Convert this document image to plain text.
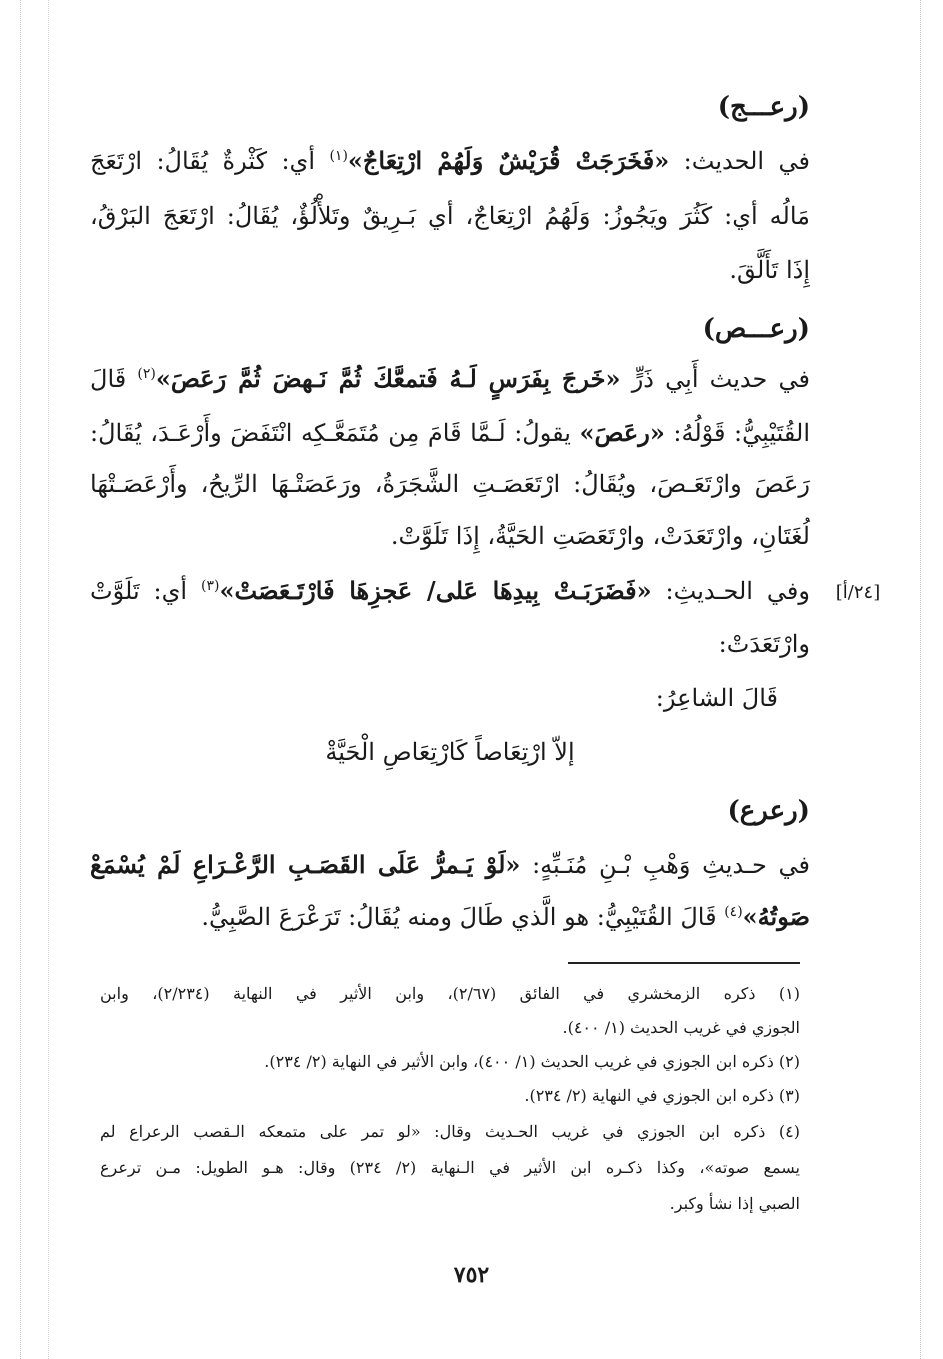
(رعـــج)
في الحديث: «فَخَرَجَتْ قُرَيْشٌ وَلَهُمْ ارْتِعَاجٌ»$^{(١)}$ أي: كَثْرةٌ يُقَالُ: ارْتَعَجَ
مَالُه أي: كَثُرَ ويَجُوزُ: وَلَهُمُ ارْتِعَاجٌ، أي بَـرِيقٌ وتَلأْلُؤٌ، يُقَالُ: ارْتَعَجَ البَرْقُ،
إِذَا تَأَلَّقَ.
(رعـــص)
في حديث أَبِي ذَرٍّ «خَرجَ بِفَرَسٍ لَـهُ فَتمعَّكَ ثُمَّ نَـهضَ ثُمَّ رَعَصَ»$^{(٢)}$ قَالَ
القُتَيْبِيُّ: قَوْلُهُ: «رعَصَ» يقولُ: لَـمَّا قَامَ مِن مُتَمَعَّـكِه انْتَفَضَ وأَرْعَـدَ، يُقَالُ:
رَعَصَ وارْتَعَـصَ، ويُقَالُ: ارْتَعَصَـتِ الشَّجَرَةُ، ورَعَصَتْـهَا الرِّيحُ، وأَرْعَصَـتْهَا
لُغَتَانِ، وارْتَعَدَتْ، وارْتَعَصَتِ الحَيَّةُ، إِذَا تَلَوَّتْ.
[٢٤/أ]
وفي الحـديثِ: «فَضَرَبَـتْ بِيدِهَا عَلى/ عَجزِهَا فَارْتَـعَصَتْ»$^{(٣)}$ أي: تَلَوَّتْ
وارْتَعَدَتْ:
قَالَ الشاعِرُ:
إلاّ ارْتِعَاصاً كَارْتِعَاصِ الْحَيَّةْ
(رعرع)
في حـديثِ وَهْبِ بْـنِ مُنَـبِّهٍ: «لَوْ يَـمرُّ عَلَى القَصَـبِ الرَّعْـرَاعِ لَمْ يُسْمَعْ
صَوتُهُ»$^{(٤)}$ قَالَ القُتَيْبِيُّ: هو الَّذي طَالَ ومنه يُقَالُ: تَرَعْرَعَ الصَّبِيُّ.
(١) ذكره الزمخشري في الفائق (٢/٦٧)، وابن الأثير في النهاية (٢/٢٣٤)، وابن
الجوزي في غريب الحديث (١/ ٤٠٠).
(٢) ذكره ابن الجوزي في غريب الحديث (١/ ٤٠٠)، وابن الأثير في النهاية (٢/ ٢٣٤).
(٣) ذكره ابن الجوزي في النهاية (٢/ ٢٣٤).
(٤) ذكره ابن الجوزي في غريب الحـديث وقال: «لو تمر على متمعكه الـقصب الرعراع لم
يسمع صوته»، وكذا ذكـره ابن الأثير في الـنهاية (٢/ ٢٣٤) وقال: هـو الطويل: مـن ترعرع
الصبي إذا نشأ وكبر.
٧٥٢
